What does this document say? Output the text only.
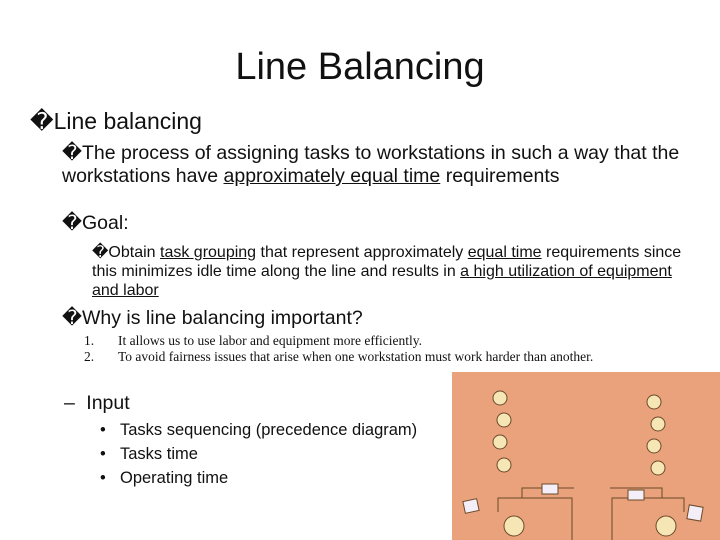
Line Balancing
�Line balancing
�The process of assigning tasks to workstations in such a way that the workstations have approximately equal time requirements
�Goal:
�Obtain task grouping that represent approximately equal time requirements since this minimizes idle time along the line and results in a high utilization of equipment and labor
�Why is line balancing important?
1.	It allows us to use labor and equipment more efficiently.
2.	To avoid fairness issues that arise when one workstation must work harder than another.
– Input
• Tasks sequencing (precedence diagram)
• Tasks time
• Operating time
